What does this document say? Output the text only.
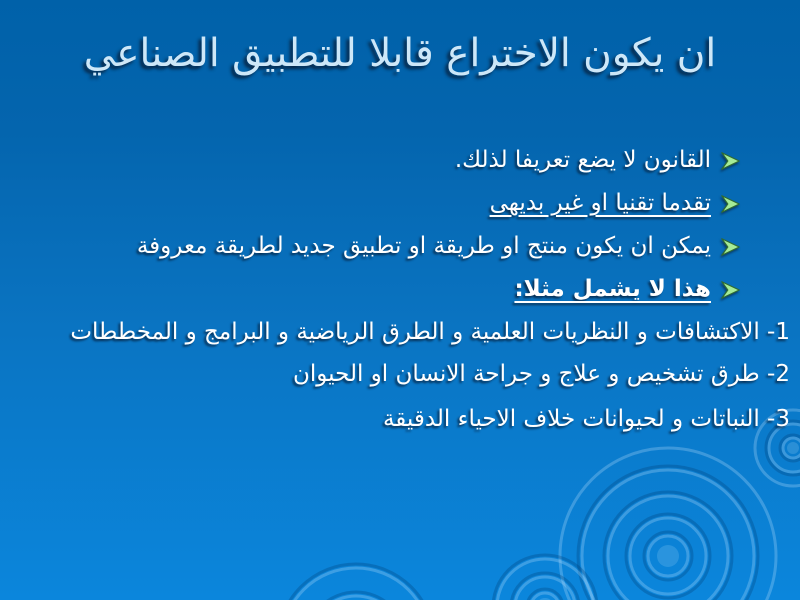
ان يكون الاختراع قابلا للتطبيق الصناعي
القانون لا يضع تعريفا لذلك.
تقدما تقنيا او غير بديهى
يمكن ان يكون منتج او طريقة او تطبيق جديد لطريقة معروفة
هذا لا يشمل مثلا:

1- الاكتشافات و النظريات العلمية و الطرق الرياضية و البرامج و المخططات

2- طرق تشخيص و علاج و جراحة الانسان او الحيوان

3- النباتات و لحيوانات خلاف الاحياء الدقيقة
